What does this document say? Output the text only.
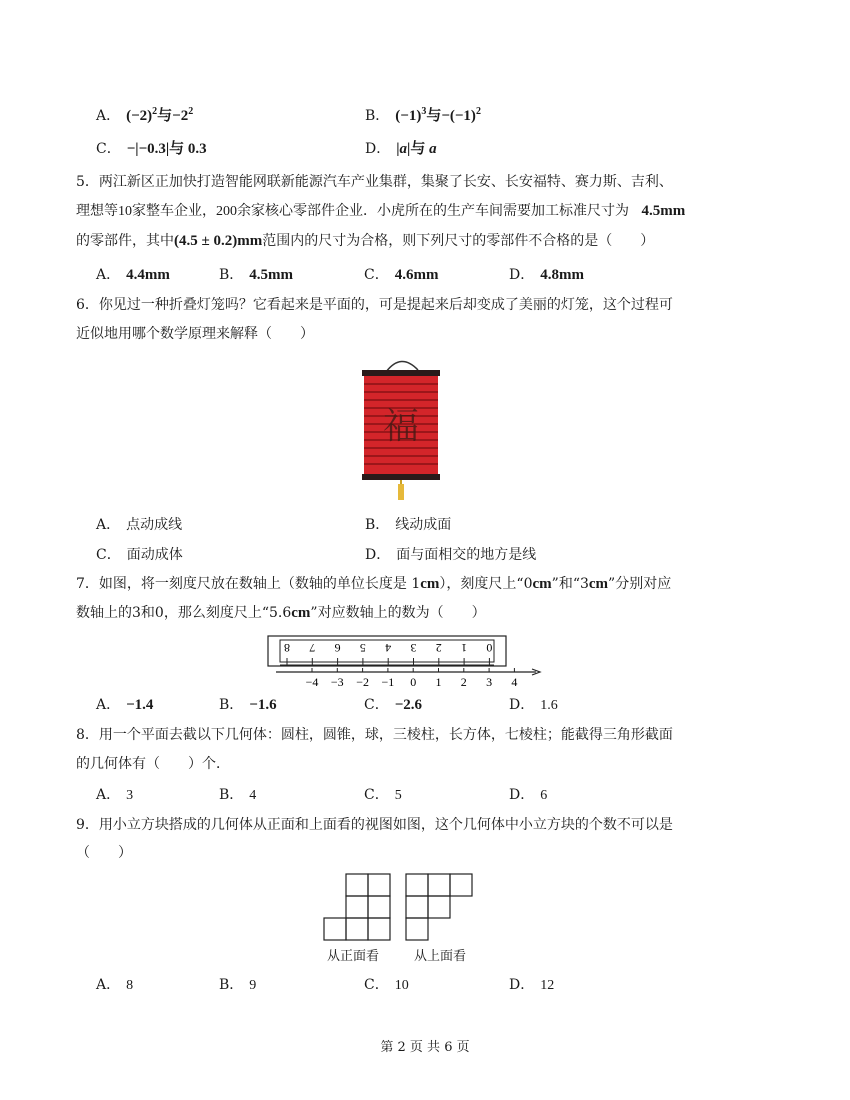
A． $(-2)^2$与$-2^2$	B． $(-1)^3$与$-(-1)^2$
C． −|−0.3|与 0.3	D． |a|与 a
5．两江新区正加快打造智能网联新能源汽车产业集群，集聚了长安、长安福特、赛力斯、吉利、
理想等10家整车企业，200余家核心零部件企业．小虎所在的生产车间需要加工标准尺寸为 4.5mm
的零部件，其中(4.5 ± 0.2)mm范围内的尺寸为合格，则下列尺寸的零部件不合格的是（　　）
A． 4.4mm	B． 4.5mm	C． 4.6mm	D． 4.8mm
6．你见过一种折叠灯笼吗？它看起来是平面的，可是提起来后却变成了美丽的灯笼，这个过程可
近似地用哪个数学原理来解释（　　）
福
A． 点动成线	B． 线动成面
C． 面动成体	D． 面与面相交的地方是线
7．如图，将一刻度尺放在数轴上（数轴的单位长度是 1cm），刻度尺上“0cm”和“3cm”分别对应
数轴上的3和0，那么刻度尺上“5.6cm”对应数轴上的数为（　　）
8 7 6 5 4 3 2 1 0
−4 −3 −2 −1 0 1 2 3 4
A． −1.4	B． −1.6	C． −2.6	D． 1.6
8．用一个平面去截以下几何体：圆柱，圆锥，球，三棱柱，长方体，七棱柱；能截得三角形截面
的几何体有（　　）个．
A． 3	B． 4	C． 5	D． 6
9．用小立方块搭成的几何体从正面和上面看的视图如图，这个几何体中小立方块的个数不可以是
（　　）
从正面看	从上面看
A． 8	B． 9	C． 10	D． 12
第 2 页 共 6 页
